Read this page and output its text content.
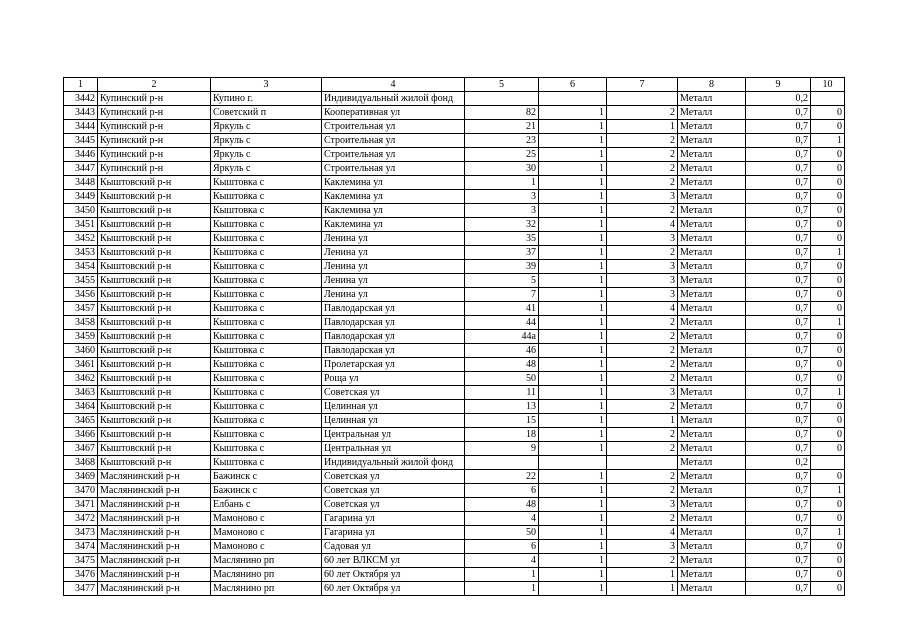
1	2	3	4	5	6	7	8	9	10
3442	Купинский р-н	Купино г.	Индивидуальный жилой фонд				Металл	0,2	
3443	Купинский р-н	Советский п	Кооперативная ул	82	1	2	Металл	0,7	0
3444	Купинский р-н	Яркуль с	Строительная ул	21	1	1	Металл	0,7	0
3445	Купинский р-н	Яркуль с	Строительная ул	23	1	2	Металл	0,7	1
3446	Купинский р-н	Яркуль с	Строительная ул	25	1	2	Металл	0,7	0
3447	Купинский р-н	Яркуль с	Строительная ул	30	1	2	Металл	0,7	0
3448	Кыштовский р-н	Кыштовка с	Каклемина ул	1	1	2	Металл	0,7	0
3449	Кыштовский р-н	Кыштовка с	Каклемина ул	3	1	3	Металл	0,7	0
3450	Кыштовский р-н	Кыштовка с	Каклемина ул	3	1	2	Металл	0,7	0
3451	Кыштовский р-н	Кыштовка с	Каклемина ул	32	1	4	Металл	0,7	0
3452	Кыштовский р-н	Кыштовка с	Ленина ул	35	1	3	Металл	0,7	0
3453	Кыштовский р-н	Кыштовка с	Ленина ул	37	1	2	Металл	0,7	1
3454	Кыштовский р-н	Кыштовка с	Ленина ул	39	1	3	Металл	0,7	0
3455	Кыштовский р-н	Кыштовка с	Ленина ул	5	1	3	Металл	0,7	0
3456	Кыштовский р-н	Кыштовка с	Ленина ул	7	1	3	Металл	0,7	0
3457	Кыштовский р-н	Кыштовка с	Павлодарская ул	41	1	4	Металл	0,7	0
3458	Кыштовский р-н	Кыштовка с	Павлодарская ул	44	1	2	Металл	0,7	1
3459	Кыштовский р-н	Кыштовка с	Павлодарская ул	44а	1	2	Металл	0,7	0
3460	Кыштовский р-н	Кыштовка с	Павлодарская ул	46	1	2	Металл	0,7	0
3461	Кыштовский р-н	Кыштовка с	Пролетарская ул	48	1	2	Металл	0,7	0
3462	Кыштовский р-н	Кыштовка с	Роща ул	50	1	2	Металл	0,7	0
3463	Кыштовский р-н	Кыштовка с	Советская ул	11	1	3	Металл	0,7	1
3464	Кыштовский р-н	Кыштовка с	Целинная ул	13	1	2	Металл	0,7	0
3465	Кыштовский р-н	Кыштовка с	Целинная ул	15	1	1	Металл	0,7	0
3466	Кыштовский р-н	Кыштовка с	Центральная ул	18	1	2	Металл	0,7	0
3467	Кыштовский р-н	Кыштовка с	Центральная ул	9	1	2	Металл	0,7	0
3468	Кыштовский р-н	Кыштовка с	Индивидуальный жилой фонд				Металл	0,2	
3469	Маслянинский р-н	Бажинск с	Советская ул	22	1	2	Металл	0,7	0
3470	Маслянинский р-н	Бажинск с	Советская ул	6	1	2	Металл	0,7	1
3471	Маслянинский р-н	Елбань с	Советская ул	48	1	3	Металл	0,7	0
3472	Маслянинский р-н	Мамоново с	Гагарина ул	4	1	2	Металл	0,7	0
3473	Маслянинский р-н	Мамоново с	Гагарина ул	50	1	4	Металл	0,7	1
3474	Маслянинский р-н	Мамоново с	Садовая ул	6	1	3	Металл	0,7	0
3475	Маслянинский р-н	Маслянино рп	60 лет ВЛКСМ ул	4	1	2	Металл	0,7	0
3476	Маслянинский р-н	Маслянино рп	60 лет Октября ул	1	1	1	Металл	0,7	0
3477	Маслянинский р-н	Маслянино рп	60 лет Октября ул	1	1	1	Металл	0,7	0
